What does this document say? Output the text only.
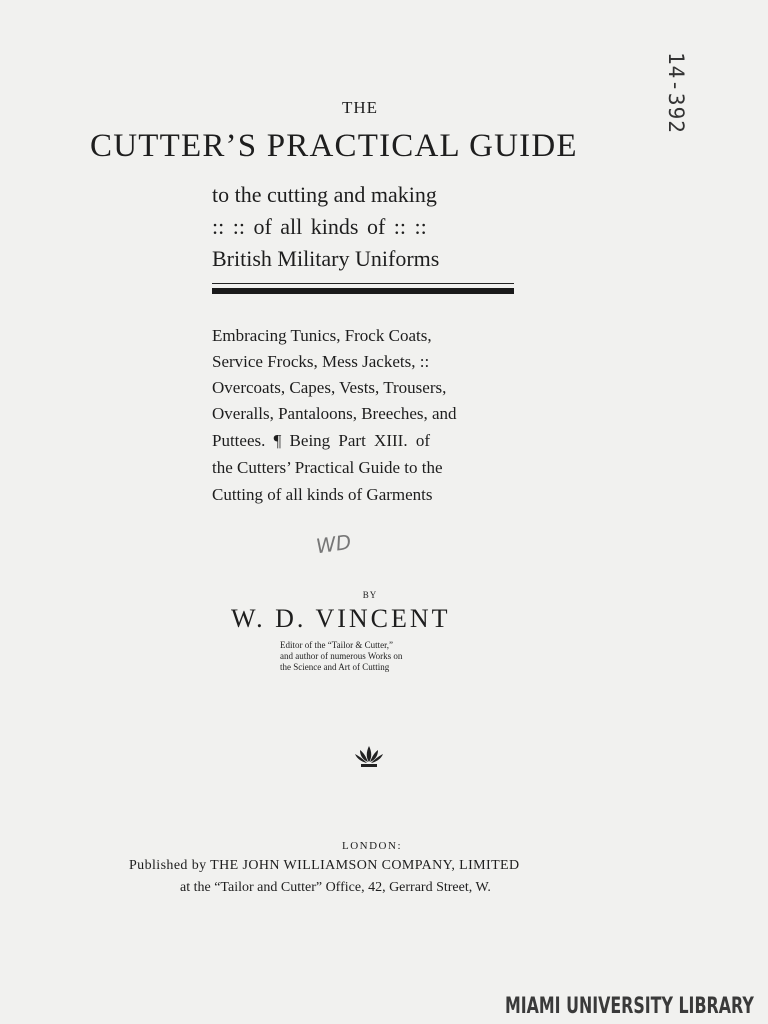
14-392
THE
CUTTER’S PRACTICAL GUIDE
to the cutting and making
:: :: of all kinds of :: ::
British Military Uniforms
Embracing Tunics, Frock Coats,
Service Frocks, Mess Jackets, ::
Overcoats, Capes, Vests, Trousers,
Overalls, Pantaloons, Breeches, and
Puttees. ¶ Being Part XIII. of
the Cutters’ Practical Guide to the
Cutting of all kinds of Garments
WD
BY
W. D. VINCENT
Editor of the “Tailor & Cutter,”
and author of numerous Works on
the Science and Art of Cutting
LONDON:
Published by THE JOHN WILLIAMSON COMPANY, LIMITED
at the “Tailor and Cutter” Office, 42, Gerrard Street, W.
MIAMI UNIVERSITY LIBRARY
